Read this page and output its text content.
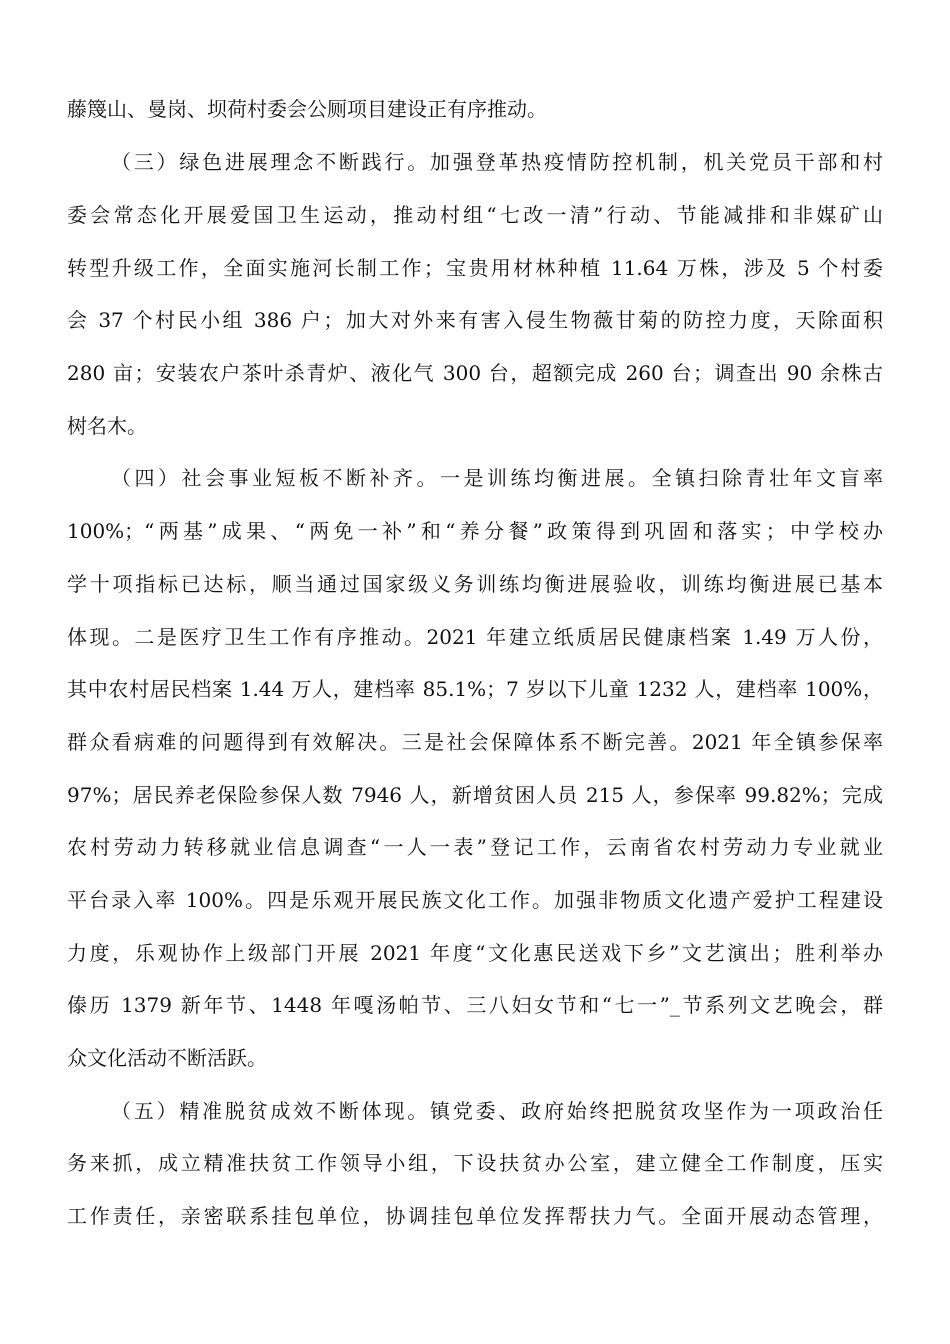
藤篾山、曼岗、坝荷村委会公厕项目建设正有序推动。
（三）绿色进展理念不断践行。加强登革热疫情防控机制，机关党员干部和村
委会常态化开展爱国卫生运动，推动村组“七改一清”行动、节能减排和非媒矿山
转型升级工作，全面实施河长制工作；宝贵用材林种植 11.64 万株，涉及 5 个村委
会 37 个村民小组 386 户；加大对外来有害入侵生物薇甘菊的防控力度，天除面积
280 亩；安装农户茶叶杀青炉、液化气 300 台，超额完成 260 台；调查出 90 余株古
树名木。
（四）社会事业短板不断补齐。一是训练均衡进展。全镇扫除青壮年文盲率
100%；“两基”成果、“两免一补”和“养分餐”政策得到巩固和落实；中学校办
学十项指标已达标，顺当通过国家级义务训练均衡进展验收，训练均衡进展已基本
体现。二是医疗卫生工作有序推动。2021 年建立纸质居民健康档案 1.49 万人份，
其中农村居民档案 1.44 万人，建档率 85.1%；7 岁以下儿童 1232 人，建档率 100%，
群众看病难的问题得到有效解决。三是社会保障体系不断完善。2021 年全镇参保率
97%；居民养老保险参保人数 7946 人，新增贫困人员 215 人，参保率 99.82%；完成
农村劳动力转移就业信息调查“一人一表”登记工作，云南省农村劳动力专业就业
平台录入率 100%。四是乐观开展民族文化工作。加强非物质文化遗产爱护工程建设
力度，乐观协作上级部门开展 2021 年度“文化惠民送戏下乡”文艺演出；胜利举办
傣历 1379 新年节、1448 年嘎汤帕节、三八妇女节和“七一”_节系列文艺晚会，群
众文化活动不断活跃。
（五）精准脱贫成效不断体现。镇党委、政府始终把脱贫攻坚作为一项政治任
务来抓，成立精准扶贫工作领导小组，下设扶贫办公室，建立健全工作制度，压实
工作责任，亲密联系挂包单位，协调挂包单位发挥帮扶力气。全面开展动态管理，
